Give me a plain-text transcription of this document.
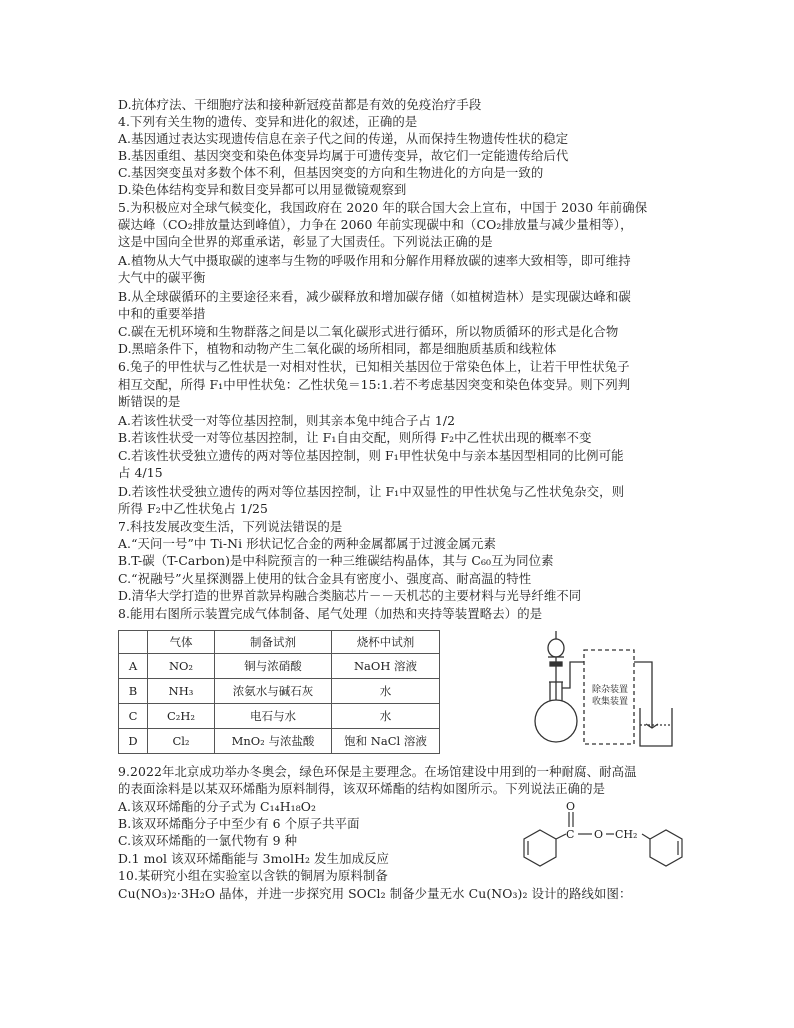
D.抗体疗法、干细胞疗法和接种新冠疫苗都是有效的免疫治疗手段
4.下列有关生物的遗传、变异和进化的叙述，正确的是
A.基因通过表达实现遗传信息在亲子代之间的传递，从而保持生物遗传性状的稳定
B.基因重组、基因突变和染色体变异均属于可遗传变异，故它们一定能遗传给后代
C.基因突变虽对多数个体不利，但基因突变的方向和生物进化的方向是一致的
D.染色体结构变异和数目变异都可以用显微镜观察到
5.为积极应对全球气候变化，我国政府在 2020 年的联合国大会上宣布，中国于 2030 年前确保
碳达峰（CO₂排放量达到峰值），力争在 2060 年前实现碳中和（CO₂排放量与减少量相等），
这是中国向全世界的郑重承诺，彰显了大国责任。下列说法正确的是
A.植物从大气中摄取碳的速率与生物的呼吸作用和分解作用释放碳的速率大致相等，即可维持
大气中的碳平衡
B.从全球碳循环的主要途径来看，减少碳释放和增加碳存储（如植树造林）是实现碳达峰和碳
中和的重要举措
C.碳在无机环境和生物群落之间是以二氧化碳形式进行循环，所以物质循环的形式是化合物
D.黑暗条件下，植物和动物产生二氧化碳的场所相同，都是细胞质基质和线粒体
6.兔子的甲性状与乙性状是一对相对性状，已知相关基因位于常染色体上，让若干甲性状兔子
相互交配，所得 F₁中甲性状兔：乙性状兔＝15:1.若不考虑基因突变和染色体变异。则下列判
断错误的是
A.若该性状受一对等位基因控制，则其亲本兔中纯合子占 1/2
B.若该性状受一对等位基因控制，让 F₁自由交配，则所得 F₂中乙性状出现的概率不变
C.若该性状受独立遗传的两对等位基因控制，则 F₁甲性状兔中与亲本基因型相同的比例可能
占 4/15
D.若该性状受独立遗传的两对等位基因控制，让 F₁中双显性的甲性状兔与乙性状兔杂交，则
所得 F₂中乙性状兔占 1/25
7.科技发展改变生活，下列说法错误的是
A.“天问一号”中 Ti-Ni 形状记忆合金的两种金属都属于过渡金属元素
B.T-碳（T-Carbon)是中科院预言的一种三维碳结构晶体，其与 C₆₀互为同位素
C.“祝融号”火星探测器上使用的钛合金具有密度小、强度高、耐高温的特性
D.清华大学打造的世界首款异构融合类脑芯片－－天机芯的主要材料与光导纤维不同
8.能用右图所示装置完成气体制备、尾气处理（加热和夹持等装置略去）的是
	气体	制备试剂	烧杯中试剂
A	NO₂	铜与浓硝酸	NaOH 溶液
B	NH₃	浓氨水与碱石灰	水
C	C₂H₂	电石与水	水
D	Cl₂	MnO₂ 与浓盐酸	饱和 NaCl 溶液
除杂装置
收集装置
9.2022年北京成功举办冬奥会，绿色环保是主要理念。在场馆建设中用到的一种耐腐、耐高温
的表面涂料是以某双环烯酯为原料制得，该双环烯酯的结构如图所示。下列说法正确的是
A.该双环烯酯的分子式为 C₁₄H₁₈O₂
B.该双环烯酯分子中至少有 6 个原子共平面
C.该双环烯酯的一氯代物有 9 种
D.1 mol 该双环烯酯能与 3molH₂ 发生加成反应
10.某研究小组在实验室以含铁的铜屑为原料制备
Cu(NO₃)₂·3H₂O 晶体，并进一步探究用 SOCl₂ 制备少量无水 Cu(NO₃)₂ 设计的路线如图：
O
C O CH₂
